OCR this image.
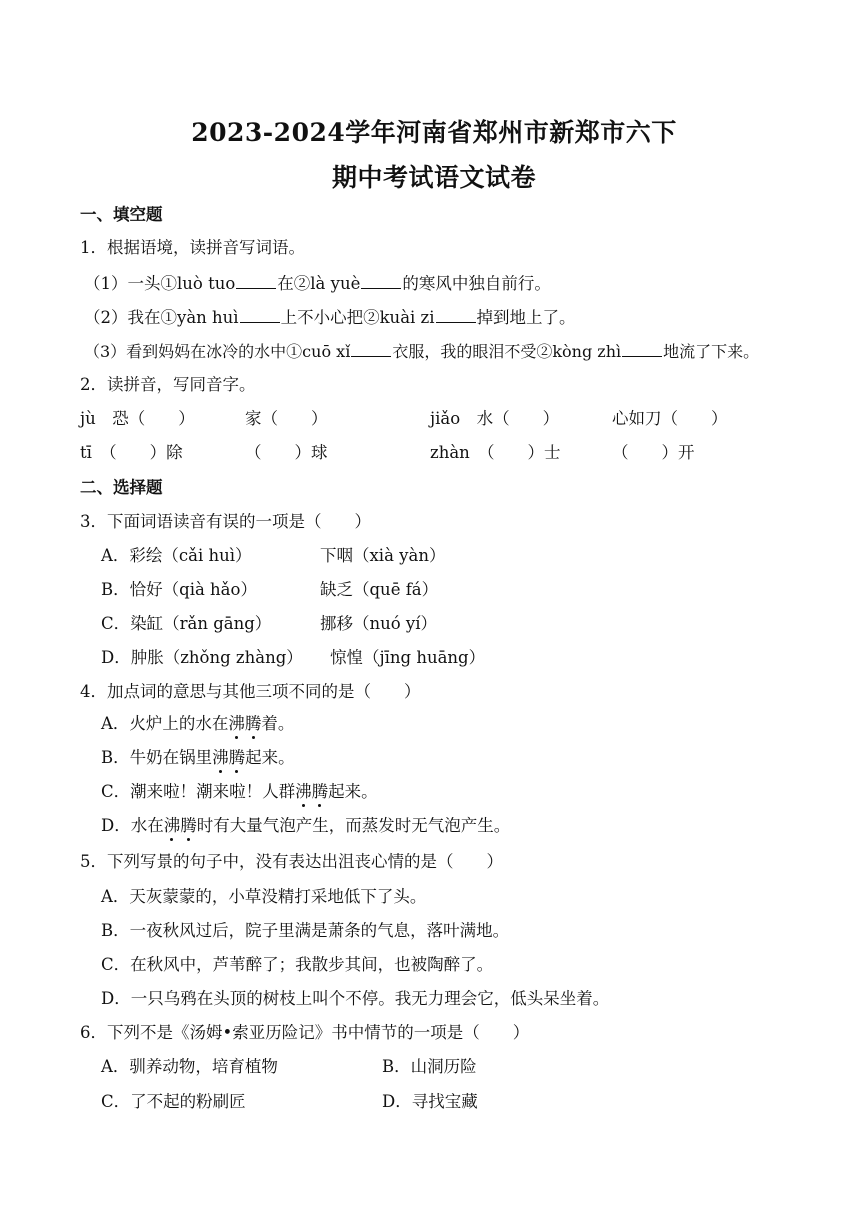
2023-2024学年河南省郑州市新郑市六下
期中考试语文试卷
一、填空题
1．根据语境，读拼音写词语。
（1）一头①luò tuo	在②là yuè	的寒风中独自前行。
（2）我在①yàn huì	上不小心把②kuài zi	掉到地上了。
（3）看到妈妈在冰冷的水中①cuō xǐ	衣服，我的眼泪不受②kòng zhì	地流了下来。
2．读拼音，写同音字。
jù　恐（　　）	家（　　）	jiǎo　水（　　）	心如刀（　　）
tī　（　　）除	（　　）球	zhàn　（　　）士	（　　）开
二、选择题
3．下面词语读音有误的一项是（　　）
A．彩绘（cǎi huì）	下咽（xià yàn）
B．恰好（qià hǎo）	缺乏（quē fá）
C．染缸（rǎn gāng）	挪移（nuó yí）
D．肿胀（zhǒng zhàng） 惊惶（jīng huāng）
4．加点词的意思与其他三项不同的是（　　）
A．火炉上的水在沸腾着。
B．牛奶在锅里沸腾起来。
C．潮来啦！潮来啦！人群沸腾起来。
D．水在沸腾时有大量气泡产生，而蒸发时无气泡产生。
5．下列写景的句子中，没有表达出沮丧心情的是（　　）
A．天灰蒙蒙的，小草没精打采地低下了头。
B．一夜秋风过后，院子里满是萧条的气息，落叶满地。
C．在秋风中，芦苇醉了；我散步其间，也被陶醉了。
D．一只乌鸦在头顶的树枝上叫个不停。我无力理会它，低头呆坐着。
6．下列不是《汤姆•索亚历险记》书中情节的一项是（　　）
A．驯养动物，培育植物	B．山洞历险
C．了不起的粉刷匠	D．寻找宝藏
